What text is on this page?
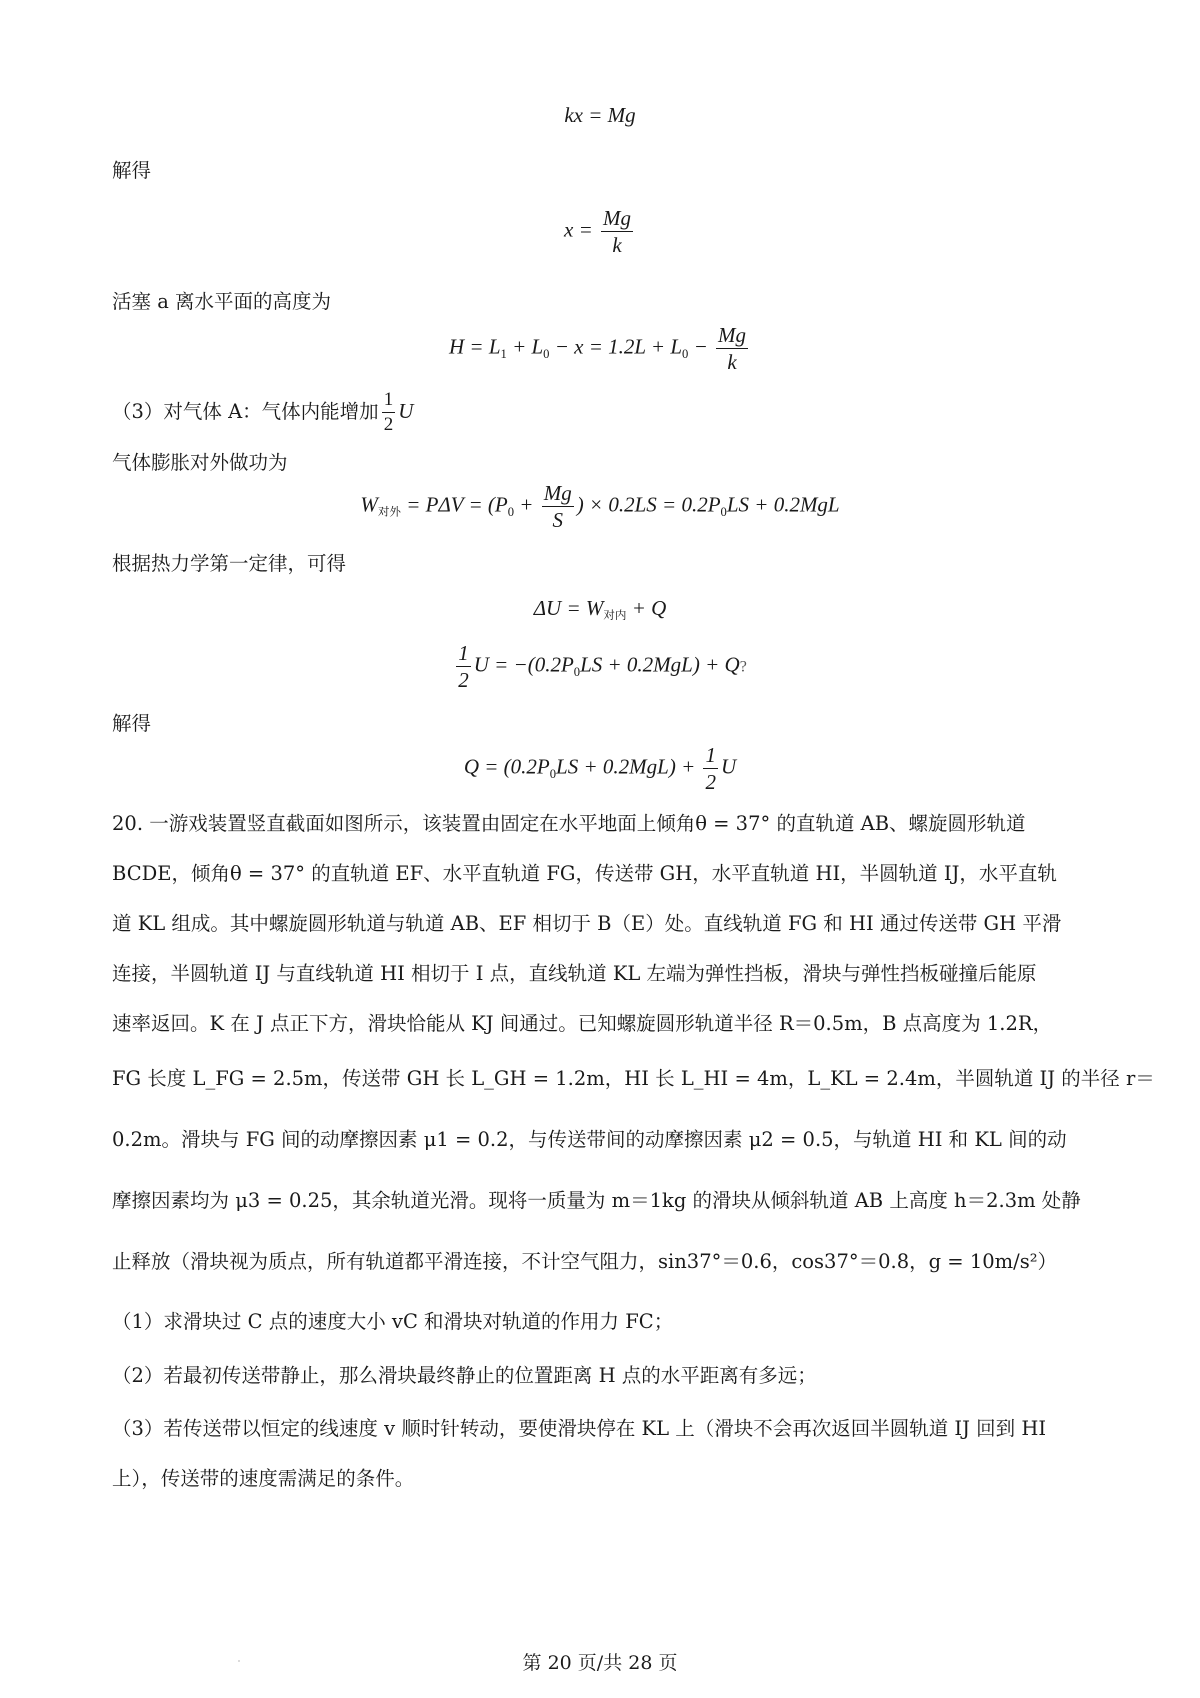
kx = Mg
解得
$x = \frac{Mg}{k}$
活塞 a 离水平面的高度为
$H = L_1 + L_0 - x = 1.2L + L_0 - \frac{Mg}{k}$
（3）对气体 A：气体内能增加 $\frac{1}{2}$ U
气体膨胀对外做功为
$W_{对外} = P\Delta V = (P_0 + \frac{Mg}{S}$ ) × $0.2LS = 0.2P_0LS + 0.2MgL$
根据热力学第一定律，可得
$\Delta U = W_{对内} + Q$
$\frac{1}{2}$ $U = -(0.2P_0LS + 0.2MgL) + Q$?
解得
$Q = (0.2P_0LS + 0.2MgL) + \frac{1}{2}$ U
20. 一游戏装置竖直截面如图所示，该装置由固定在水平地面上倾角θ = 37° 的直轨道 AB、螺旋圆形轨道
BCDE，倾角θ = 37° 的直轨道 EF、水平直轨道 FG，传送带 GH，水平直轨道 HI，半圆轨道 IJ，水平直轨
道 KL 组成。其中螺旋圆形轨道与轨道 AB、EF 相切于 B（E）处。直线轨道 FG 和 HI 通过传送带 GH 平滑
连接，半圆轨道 IJ 与直线轨道 HI 相切于 I 点，直线轨道 KL 左端为弹性挡板，滑块与弹性挡板碰撞后能原
速率返回。K 在 J 点正下方，滑块恰能从 KJ 间通过。已知螺旋圆形轨道半径 R＝0.5m，B 点高度为 1.2R，
FG 长度 L_FG = 2.5m，传送带 GH 长 L_GH = 1.2m，HI 长 L_HI = 4m，L_KL = 2.4m，半圆轨道 IJ 的半径 r＝
0.2m。滑块与 FG 间的动摩擦因素 μ1 = 0.2，与传送带间的动摩擦因素 μ2 = 0.5，与轨道 HI 和 KL 间的动
摩擦因素均为 μ3 = 0.25，其余轨道光滑。现将一质量为 m＝1kg 的滑块从倾斜轨道 AB 上高度 h＝2.3m 处静
止释放（滑块视为质点，所有轨道都平滑连接，不计空气阻力，sin37°＝0.6，cos37°＝0.8，g = 10m/s²）
（1）求滑块过 C 点的速度大小 vC 和滑块对轨道的作用力 FC；
（2）若最初传送带静止，那么滑块最终静止的位置距离 H 点的水平距离有多远；
（3）若传送带以恒定的线速度 v 顺时针转动，要使滑块停在 KL 上（滑块不会再次返回半圆轨道 IJ 回到 HI
上），传送带的速度需满足的条件。
第 20 页/共 28 页
